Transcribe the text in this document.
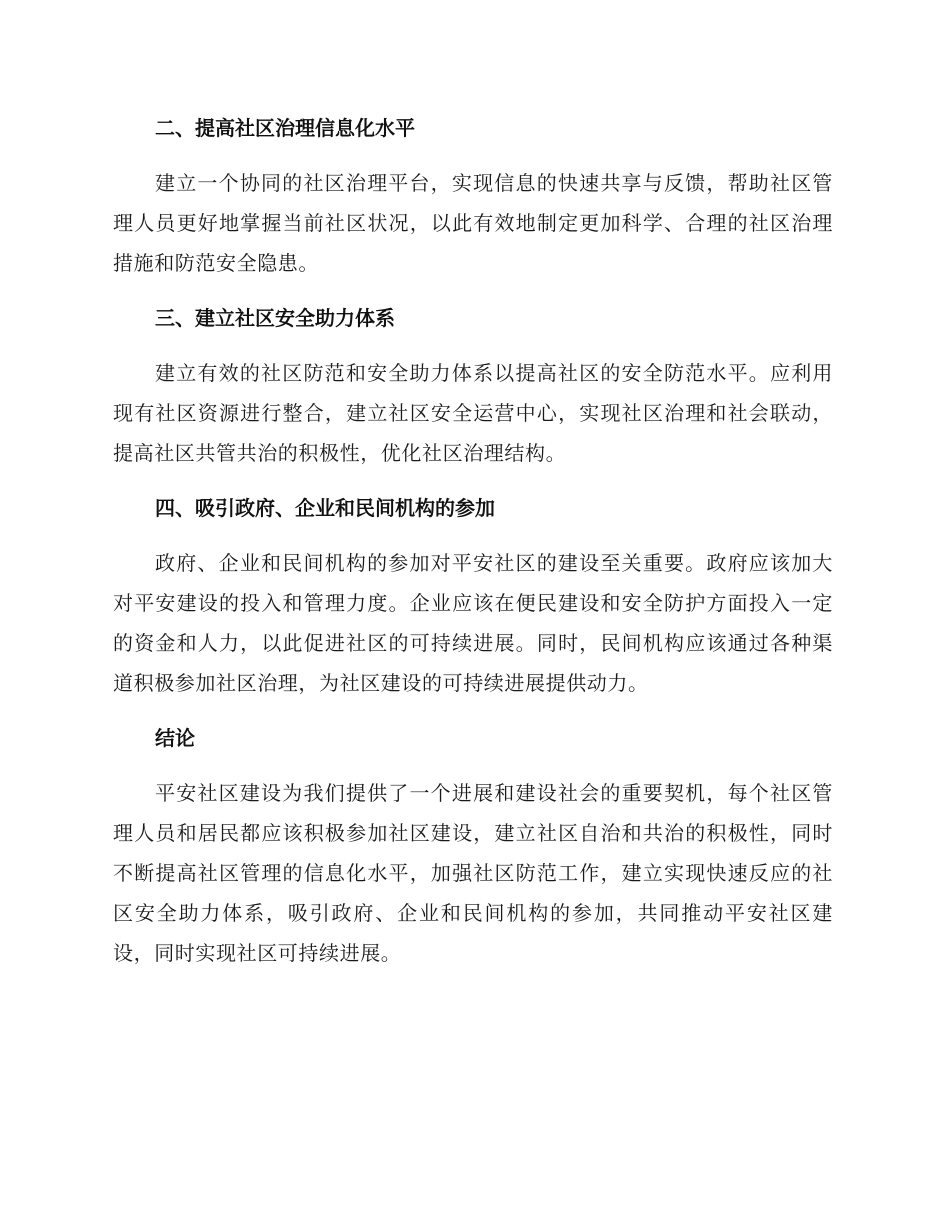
二、提高社区治理信息化水平

建立一个协同的社区治理平台，实现信息的快速共享与反馈，帮助社区管理人员更好地掌握当前社区状况，以此有效地制定更加科学、合理的社区治理措施和防范安全隐患。

三、建立社区安全助力体系

建立有效的社区防范和安全助力体系以提高社区的安全防范水平。应利用现有社区资源进行整合，建立社区安全运营中心，实现社区治理和社会联动，提高社区共管共治的积极性，优化社区治理结构。

四、吸引政府、企业和民间机构的参加

政府、企业和民间机构的参加对平安社区的建设至关重要。政府应该加大对平安建设的投入和管理力度。企业应该在便民建设和安全防护方面投入一定的资金和人力，以此促进社区的可持续进展。同时，民间机构应该通过各种渠道积极参加社区治理，为社区建设的可持续进展提供动力。

结论

平安社区建设为我们提供了一个进展和建设社会的重要契机，每个社区管理人员和居民都应该积极参加社区建设，建立社区自治和共治的积极性，同时不断提高社区管理的信息化水平，加强社区防范工作，建立实现快速反应的社区安全助力体系，吸引政府、企业和民间机构的参加，共同推动平安社区建设，同时实现社区可持续进展。
